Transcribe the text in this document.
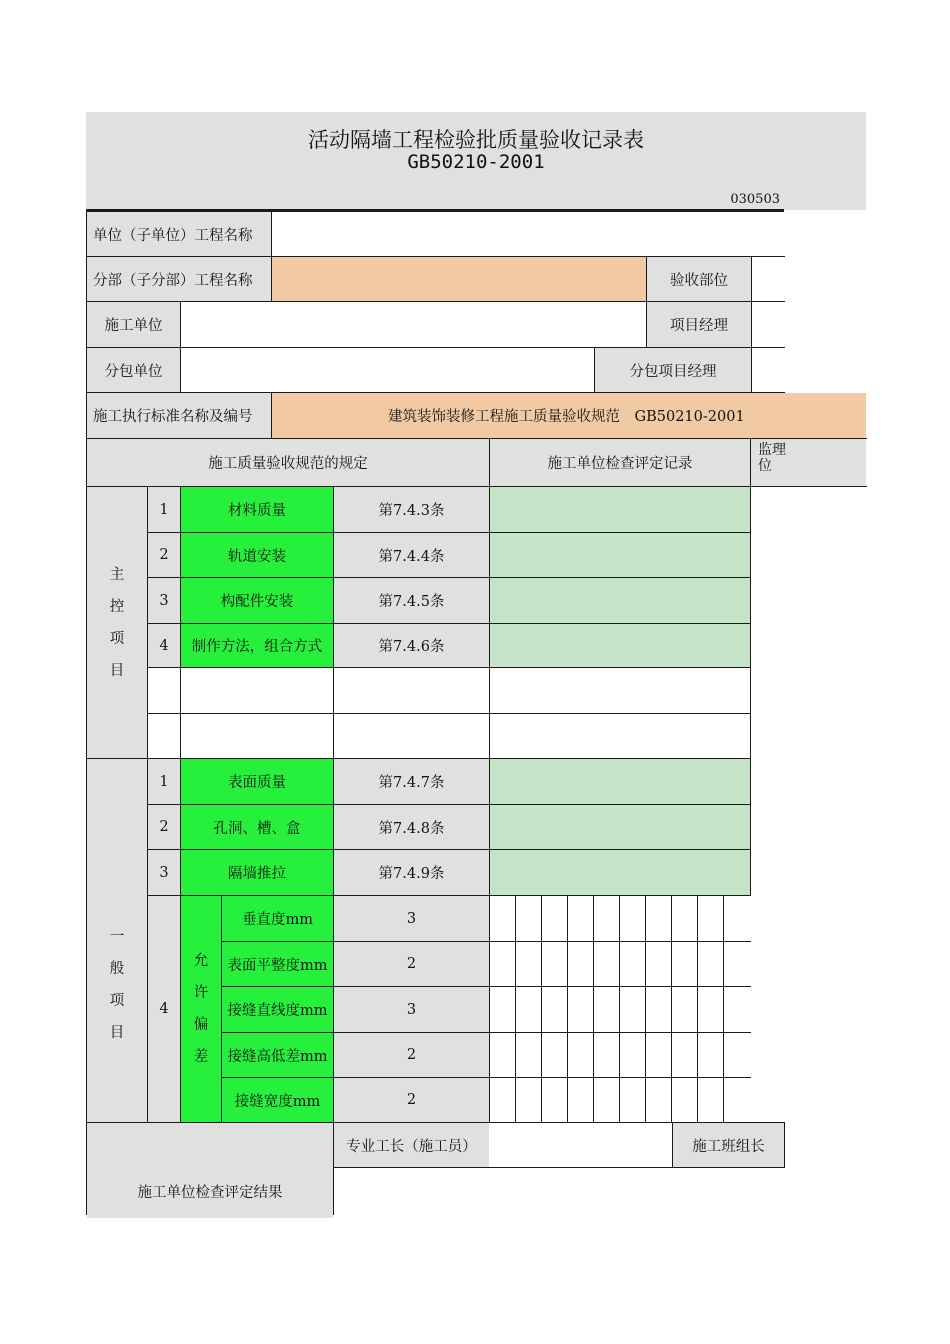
活动隔墙工程检验批质量验收记录表
GB50210-2001
030503
单位（子单位）工程名称
分部（子分部）工程名称	验收部位
施工单位	项目经理
分包单位	分包项目经理
施工执行标准名称及编号	建筑装饰装修工程施工质量验收规范　GB50210-2001
施工质量验收规范的规定	施工单位检查评定记录
监理位
主
控
项
目
1	材料质量	第7.4.3条
2	轨道安装	第7.4.4条
3	构配件安装	第7.4.5条
4	制作方法，组合方式	第7.4.6条
一
般
项
目
1	表面质量	第7.4.7条
2	孔洞、槽、盒	第7.4.8条
3	隔墙推拉	第7.4.9条
4
允
许
偏
差
垂直度mm	3
表面平整度mm	2
接缝直线度mm	3
接缝高低差mm	2
接缝宽度mm	2
施工单位检查评定结果
专业工长（施工员）	施工班组长
